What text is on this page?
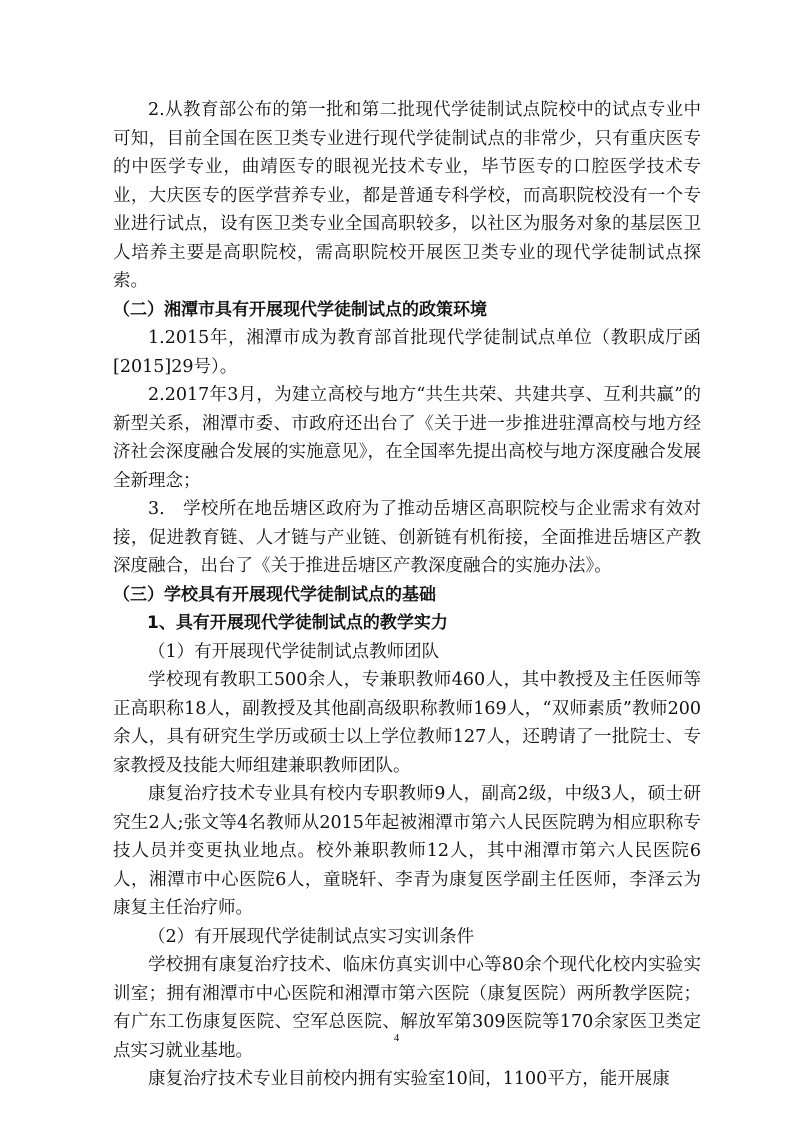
2.从教育部公布的第一批和第二批现代学徒制试点院校中的试点专业中可知，目前全国在医卫类专业进行现代学徒制试点的非常少，只有重庆医专的中医学专业，曲靖医专的眼视光技术专业，毕节医专的口腔医学技术专业，大庆医专的医学营养专业，都是普通专科学校，而高职院校没有一个专业进行试点，设有医卫类专业全国高职较多，以社区为服务对象的基层医卫人培养主要是高职院校，需高职院校开展医卫类专业的现代学徒制试点探索。

（二）湘潭市具有开展现代学徒制试点的政策环境

1.2015年，湘潭市成为教育部首批现代学徒制试点单位（教职成厅函[2015]29号）。

2.2017年3月，为建立高校与地方“共生共荣、共建共享、互利共赢”的新型关系，湘潭市委、市政府还出台了《关于进一步推进驻潭高校与地方经济社会深度融合发展的实施意见》，在全国率先提出高校与地方深度融合发展全新理念；

3.　学校所在地岳塘区政府为了推动岳塘区高职院校与企业需求有效对接，促进教育链、人才链与产业链、创新链有机衔接，全面推进岳塘区产教深度融合，出台了《关于推进岳塘区产教深度融合的实施办法》。

（三）学校具有开展现代学徒制试点的基础

1、具有开展现代学徒制试点的教学实力

（1）有开展现代学徒制试点教师团队

学校现有教职工500余人，专兼职教师460人，其中教授及主任医师等正高职称18人，副教授及其他副高级职称教师169人，“双师素质”教师200余人，具有研究生学历或硕士以上学位教师127人，还聘请了一批院士、专家教授及技能大师组建兼职教师团队。

康复治疗技术专业具有校内专职教师9人，副高2级，中级3人，硕士研究生2人;张文等4名教师从2015年起被湘潭市第六人民医院聘为相应职称专技人员并变更执业地点。校外兼职教师12人，其中湘潭市第六人民医院6人，湘潭市中心医院6人，童晓轩、李青为康复医学副主任医师，李泽云为康复主任治疗师。

（2）有开展现代学徒制试点实习实训条件

学校拥有康复治疗技术、临床仿真实训中心等80余个现代化校内实验实训室；拥有湘潭市中心医院和湘潭市第六医院（康复医院）两所教学医院；有广东工伤康复医院、空军总医院、解放军第309医院等170余家医卫类定点实习就业基地。

康复治疗技术专业目前校内拥有实验室10间，1100平方，能开展康

4
